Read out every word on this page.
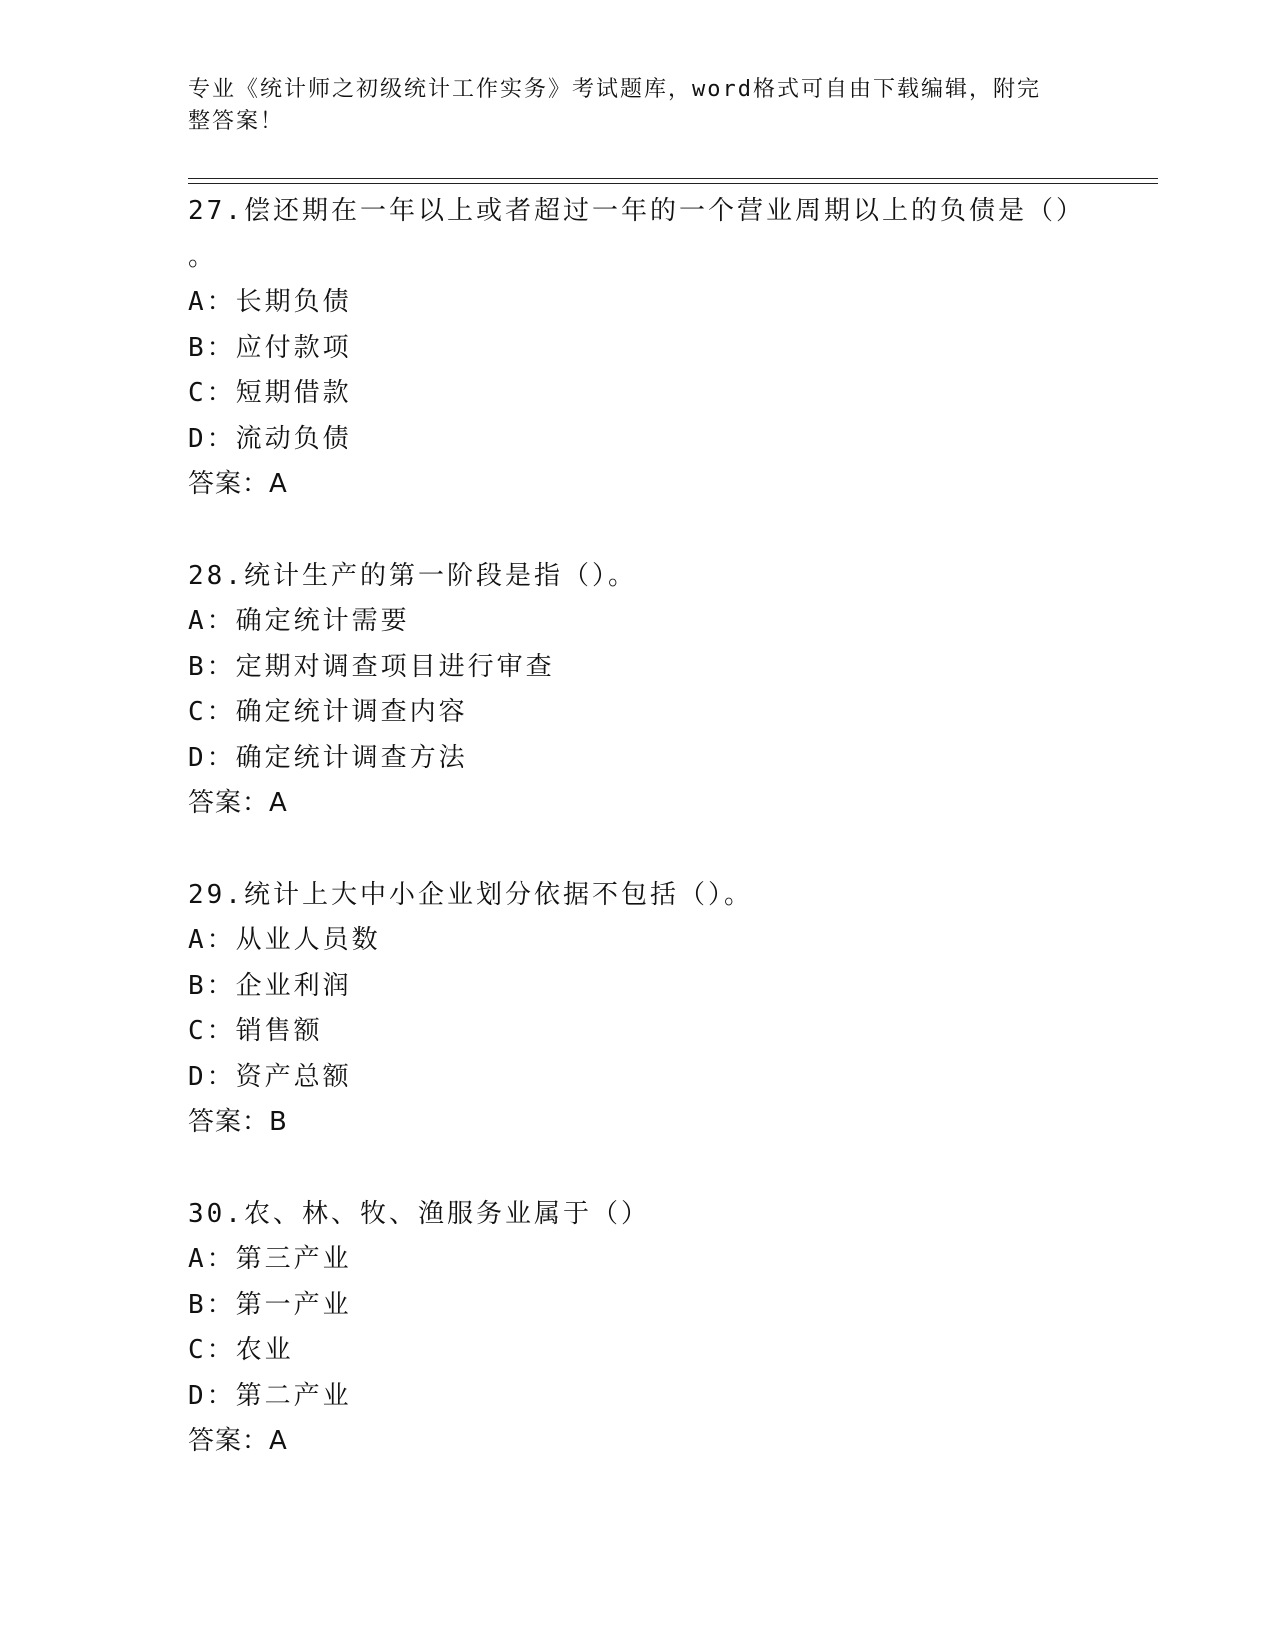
专业《统计师之初级统计工作实务》考试题库，word格式可自由下载编辑，附完
整答案！

27.偿还期在一年以上或者超过一年的一个营业周期以上的负债是（）

。

A：长期负债

B：应付款项

C：短期借款

D：流动负债

答案：A

28.统计生产的第一阶段是指（）。

A：确定统计需要

B：定期对调查项目进行审查

C：确定统计调查内容

D：确定统计调查方法

答案：A

29.统计上大中小企业划分依据不包括（）。

A：从业人员数

B：企业利润

C：销售额

D：资产总额

答案：B

30.农、林、牧、渔服务业属于（）

A：第三产业

B：第一产业

C：农业

D：第二产业

答案：A
